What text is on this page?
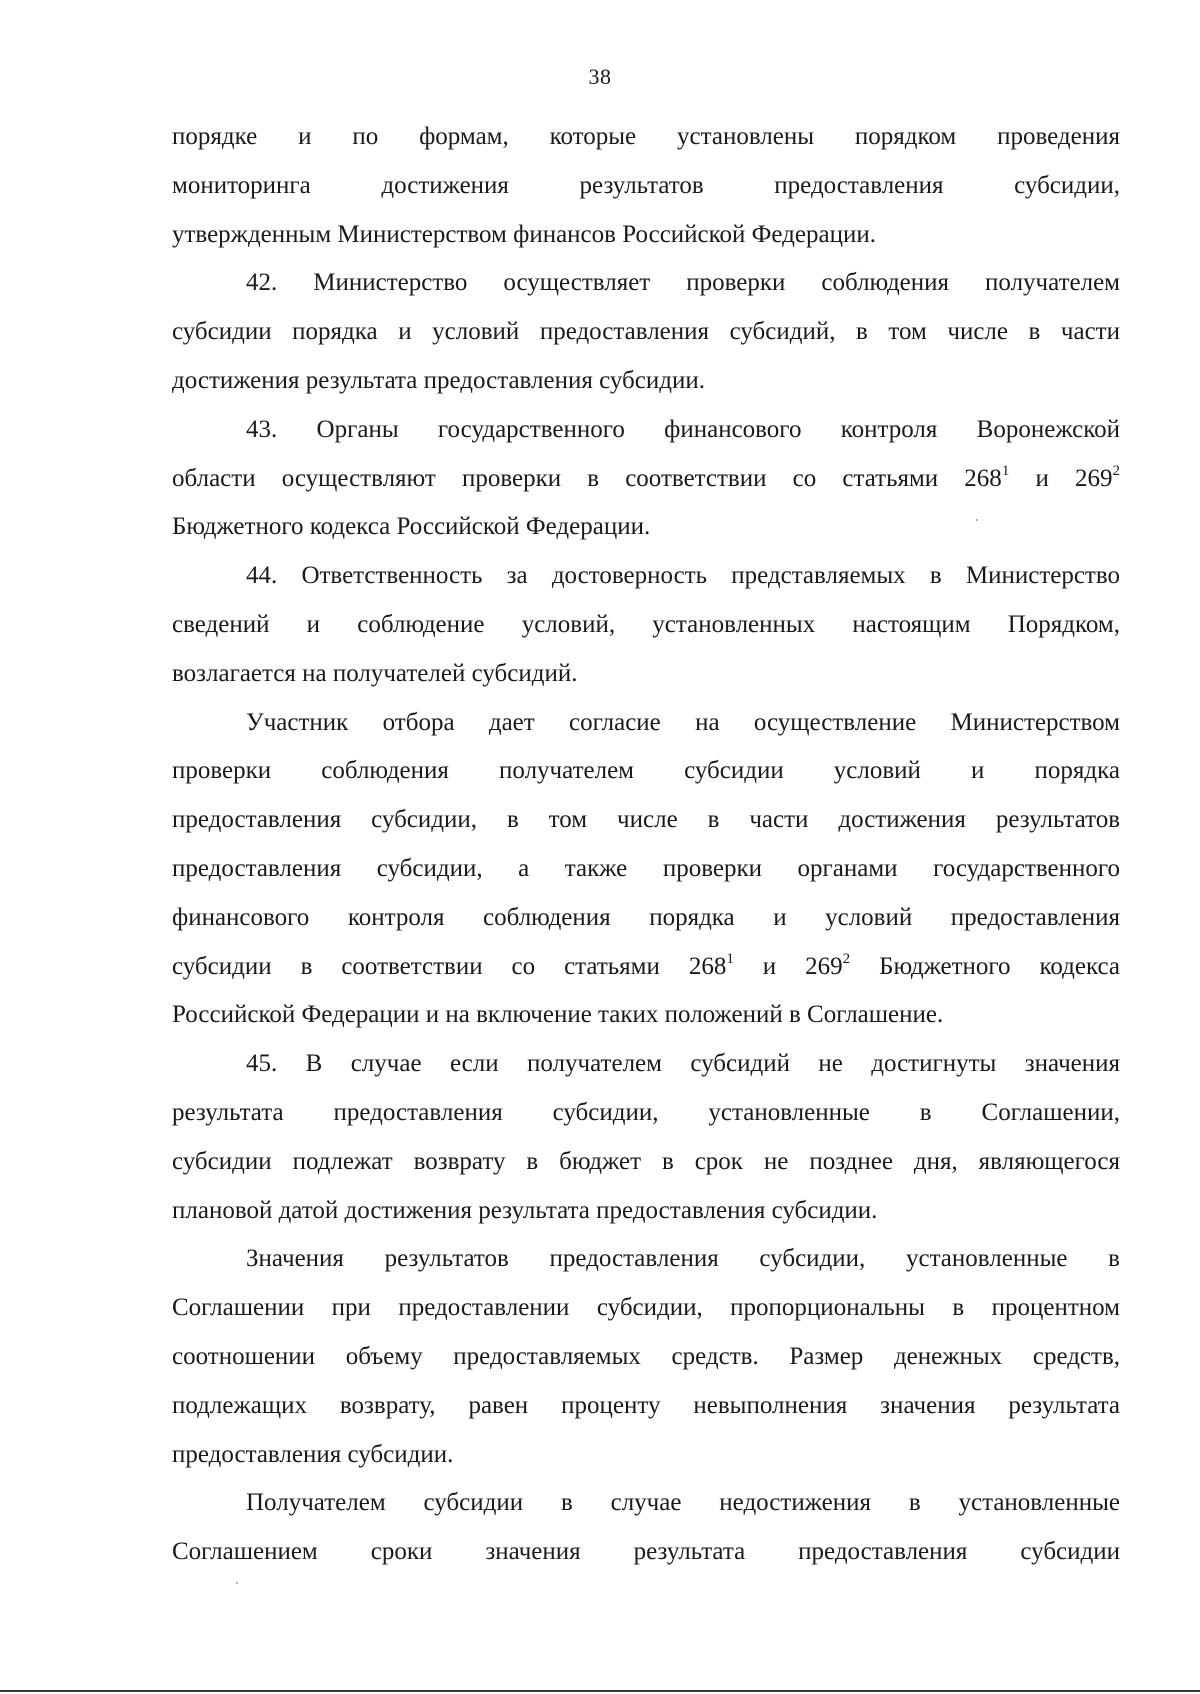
38
порядке и по формам, которые установлены порядком проведения
мониторинга достижения результатов предоставления субсидии,
утвержденным Министерством финансов Российской Федерации.
42. Министерство осуществляет проверки соблюдения получателем
субсидии порядка и условий предоставления субсидий, в том числе в части
достижения результата предоставления субсидии.
43. Органы государственного финансового контроля Воронежской
области осуществляют проверки в соответствии со статьями $268^1$ и $269^2$
Бюджетного кодекса Российской Федерации.
44. Ответственность за достоверность представляемых в Министерство
сведений и соблюдение условий, установленных настоящим Порядком,
возлагается на получателей субсидий.
Участник отбора дает согласие на осуществление Министерством
проверки соблюдения получателем субсидии условий и порядка
предоставления субсидии, в том числе в части достижения результатов
предоставления субсидии, а также проверки органами государственного
финансового контроля соблюдения порядка и условий предоставления
субсидии в соответствии со статьями $268^1$ и $269^2$ Бюджетного кодекса
Российской Федерации и на включение таких положений в Соглашение.
45. В случае если получателем субсидий не достигнуты значения
результата предоставления субсидии, установленные в Соглашении,
субсидии подлежат возврату в бюджет в срок не позднее дня, являющегося
плановой датой достижения результата предоставления субсидии.
Значения результатов предоставления субсидии, установленные в
Соглашении при предоставлении субсидии, пропорциональны в процентном
соотношении объему предоставляемых средств. Размер денежных средств,
подлежащих возврату, равен проценту невыполнения значения результата
предоставления субсидии.
Получателем субсидии в случае недостижения в установленные
Соглашением сроки значения результата предоставления субсидии
